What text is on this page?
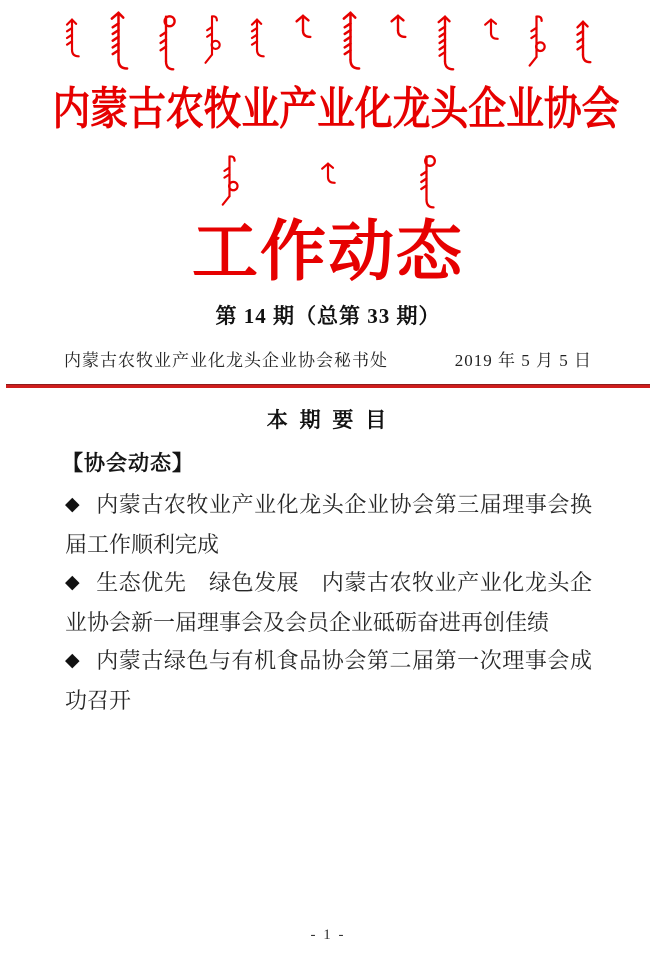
内蒙古农牧业产业化龙头企业协会
工作动态
第 14 期（总第 33 期）
内蒙古农牧业产业化龙头企业协会秘书处	2019 年 5 月 5 日
本 期 要 目
【协会动态】
◆ 内蒙古农牧业产业化龙头企业协会第三届理事会换届工作顺利完成
◆ 生态优先　绿色发展　内蒙古农牧业产业化龙头企业协会新一届理事会及会员企业砥砺奋进再创佳绩
◆ 内蒙古绿色与有机食品协会第二届第一次理事会成功召开
- 1 -
